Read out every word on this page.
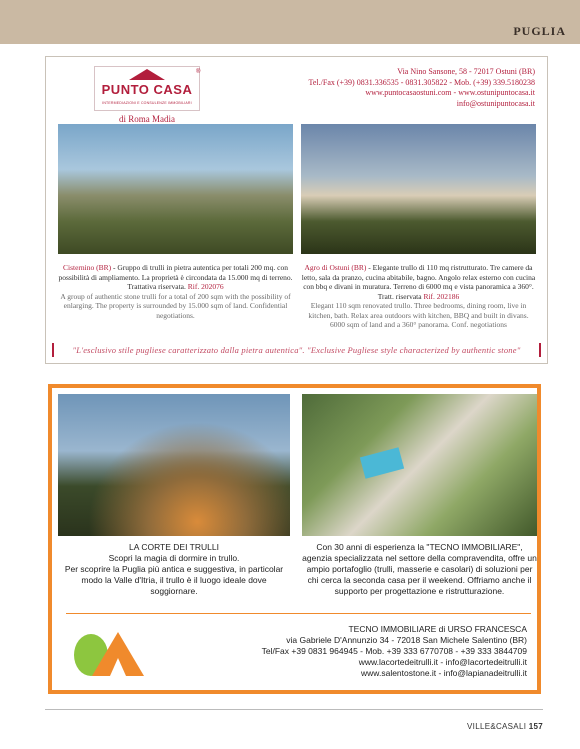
PUGLIA
PUNTO CASA
INTERMEDIAZIONI E CONSULENZE IMMOBILIARI
®
di Roma Madia
Via Nino Sansone, 58 - 72017 Ostuni (BR)
Tel./Fax (+39) 0831.336535 - 0831.305822 - Mob. (+39) 339.5180238
www.puntocasaostuni.com - www.ostunipuntocasa.it
info@ostunipuntocasa.it
Cisternino (BR) - Gruppo di trulli in pietra autentica per totali 200 mq. con possibilità di ampliamento. La proprietà è circondata da 15.000 mq di terreno. Trattativa riservata. Rif. 202076
A group of authentic stone trulli for a total of 200 sqm with the possibility of enlarging. The property is surrounded by 15.000 sqm of land. Confidential negotiations.
Agro di Ostuni (BR) - Elegante trullo di 110 mq ristrutturato. Tre camere da letto, sala da pranzo, cucina abitabile, bagno. Angolo relax esterno con cucina con bbq e divani in muratura. Terreno di 6000 mq e vista panoramica a 360°. Tratt. riservata Rif. 202186
Elegant 110 sqm renovated trullo. Three bedrooms, dining room, live in kitchen, bath. Relax area outdoors with kitchen, BBQ and built in divans. 6000 sqm of land and a 360° panorama. Conf. negotiations
"L'esclusivo stile pugliese caratterizzato dalla pietra autentica". "Exclusive Pugliese style characterized by authentic stone"
LA CORTE DEI TRULLI
Scopri la magia di dormire in trullo.
Per scoprire la Puglia più antica e suggestiva, in particolar modo la Valle d'Itria, il trullo è il luogo ideale dove soggiornare.
Con 30 anni di esperienza la "TECNO IMMOBILIARE", agenzia specializzata nel settore della compravendita, offre un ampio portafoglio (trulli, masserie e casolari) di soluzioni per chi cerca la seconda casa per il weekend. Offriamo anche il supporto per progettazione e ristrutturazione.
TECNO IMMOBILIARE di URSO FRANCESCA
via Gabriele D'Annunzio 34 - 72018 San Michele Salentino (BR)
Tel/Fax +39 0831 964945 - Mob. +39 333 6770708 - +39 333 3844709
www.lacortedeitrulli.it - info@lacortedeitrulli.it
www.salentostone.it - info@lapianadeitrulli.it
VILLE&CASALI 157
